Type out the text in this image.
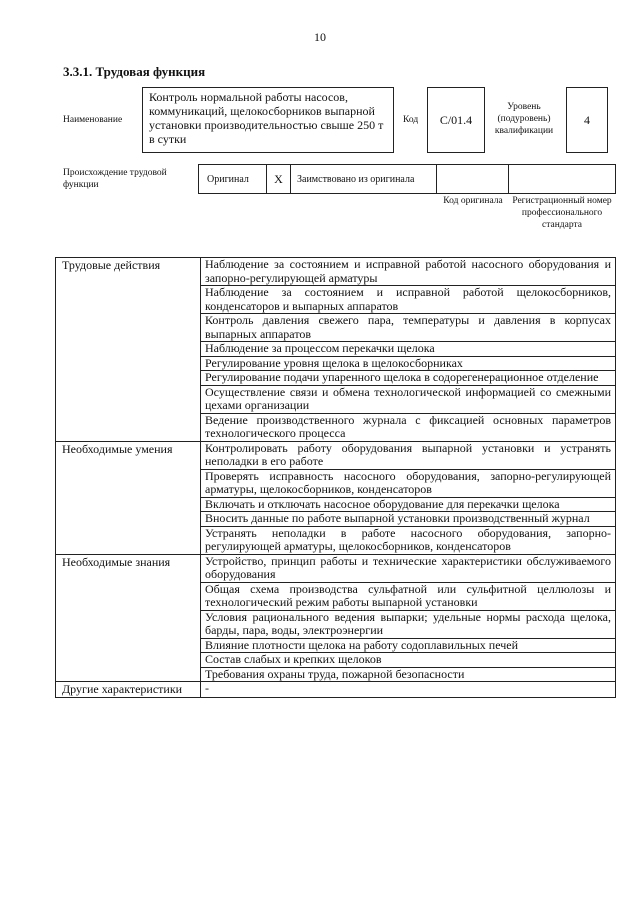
10
3.3.1. Трудовая функция
Наименование
Контроль нормальной работы насосов, коммуникаций, щелокосборников выпарной установки производительностью свыше 250 т в сутки
Код	C/01.4
Уровень (подуровень) квалификации
4
Происхождение трудовой функции
Оригинал	X	Заимствовано из оригинала
Код оригинала	Регистрационный номер профессионального стандарта
Трудовые действия	Наблюдение за состоянием и исправной работой насосного оборудования и запорно-регулирующей арматуры
	Наблюдение за состоянием и исправной работой щелокосборников, конденсаторов и выпарных аппаратов
	Контроль давления свежего пара, температуры и давления в корпусах выпарных аппаратов
	Наблюдение за процессом перекачки щелока
	Регулирование уровня щелока в щелокосборниках
	Регулирование подачи упаренного щелока в содорегенерационное отделение
	Осуществление связи и обмена технологической информацией со смежными цехами организации
	Ведение производственного журнала с фиксацией основных параметров технологического процесса
Необходимые умения	Контролировать работу оборудования выпарной установки и устранять неполадки в его работе
	Проверять исправность насосного оборудования, запорно-регулирующей арматуры, щелокосборников, конденсаторов
	Включать и отключать насосное оборудование для перекачки щелока
	Вносить данные по работе выпарной установки производственный журнал
	Устранять неполадки в работе насосного оборудования, запорно-регулирующей арматуры, щелокосборников, конденсаторов
Необходимые знания	Устройство, принцип работы и технические характеристики обслуживаемого оборудования
	Общая схема производства сульфатной или сульфитной целлюлозы и технологический режим работы выпарной установки
	Условия рационального ведения выпарки; удельные нормы расхода щелока, барды, пара, воды, электроэнергии
	Влияние плотности щелока на работу содоплавильных печей
	Состав слабых и крепких щелоков
	Требования охраны труда, пожарной безопасности
Другие характеристики	-
